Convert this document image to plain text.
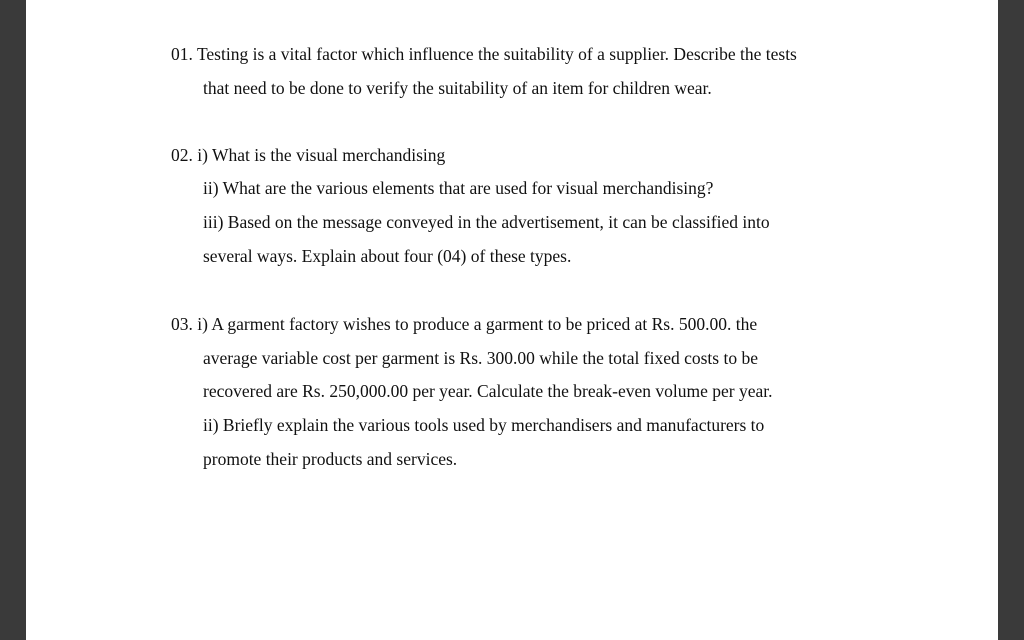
01. Testing is a vital factor which influence the suitability of a supplier. Describe the tests
that need to be done to verify the suitability of an item for children wear.
02. i) What is the visual merchandising
ii) What are the various elements that are used for visual merchandising?
iii) Based on the message conveyed in the advertisement, it can be classified into
several ways. Explain about four (04) of these types.
03. i) A garment factory wishes to produce a garment to be priced at Rs. 500.00. the
average variable cost per garment is Rs. 300.00 while the total fixed costs to be
recovered are Rs. 250,000.00 per year. Calculate the break-even volume per year.
ii) Briefly explain the various tools used by merchandisers and manufacturers to
promote their products and services.
